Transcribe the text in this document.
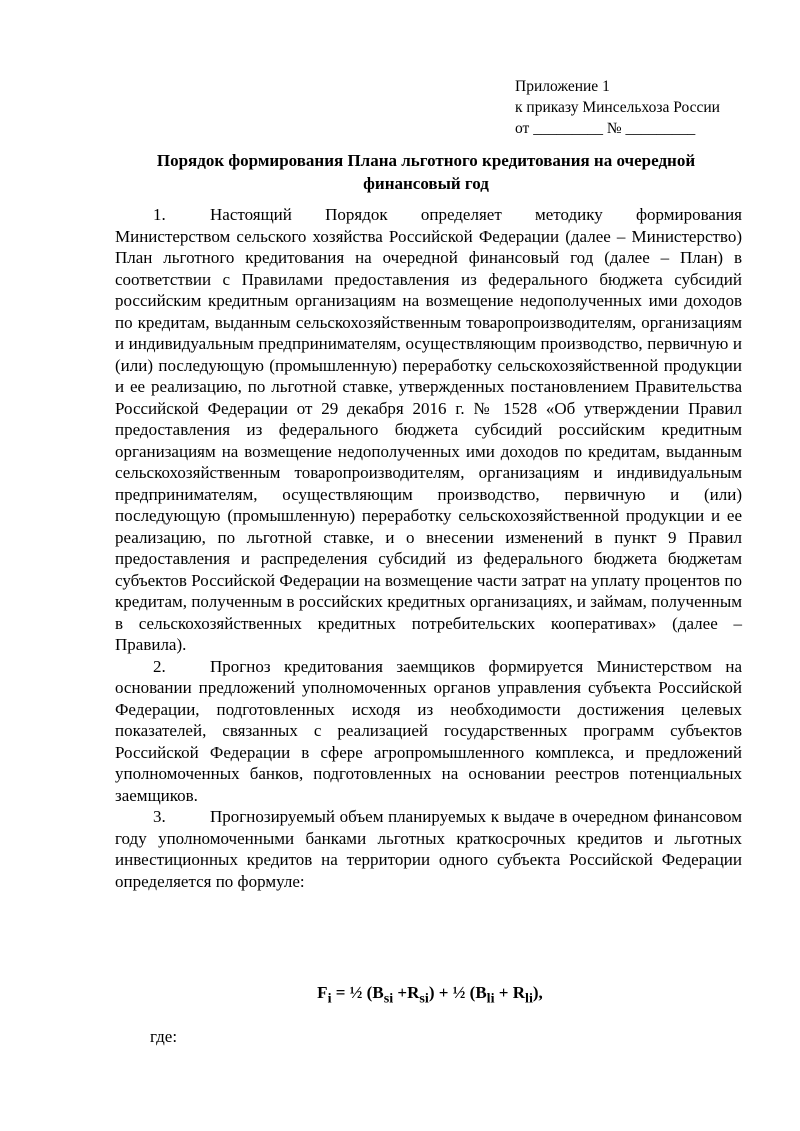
Приложение 1
к приказу Минсельхоза России
от _________ № _________
Порядок формирования Плана льготного кредитования на очередной финансовый год

1.	Настоящий Порядок определяет методику формирования Министерством сельского хозяйства Российской Федерации (далее – Министерство) План льготного кредитования на очередной финансовый год (далее – План) в соответствии с Правилами предоставления из федерального бюджета субсидий российским кредитным организациям на возмещение недополученных ими доходов по кредитам, выданным сельскохозяйственным товаропроизводителям, организациям и индивидуальным предпринимателям, осуществляющим производство, первичную и (или) последующую (промышленную) переработку сельскохозяйственной продукции и ее реализацию, по льготной ставке, утвержденных постановлением Правительства Российской Федерации от 29 декабря 2016 г. № 1528 «Об утверждении Правил предоставления из федерального бюджета субсидий российским кредитным организациям на возмещение недополученных ими доходов по кредитам, выданным сельскохозяйственным товаропроизводителям, организациям и индивидуальным предпринимателям, осуществляющим производство, первичную и (или) последующую (промышленную) переработку сельскохозяйственной продукции и ее реализацию, по льготной ставке, и о внесении изменений в пункт 9 Правил предоставления и распределения субсидий из федерального бюджета бюджетам субъектов Российской Федерации на возмещение части затрат на уплату процентов по кредитам, полученным в российских кредитных организациях, и займам, полученным в сельскохозяйственных кредитных потребительских кооперативах» (далее – Правила).

2.	Прогноз кредитования заемщиков формируется Министерством на основании предложений уполномоченных органов управления субъекта Российской Федерации, подготовленных исходя из необходимости достижения целевых показателей, связанных с реализацией государственных программ субъектов Российской Федерации в сфере агропромышленного комплекса, и предложений уполномоченных банков, подготовленных на основании реестров потенциальных заемщиков.

3.	Прогнозируемый объем планируемых к выдаче в очередном финансовом году уполномоченными банками льготных краткосрочных кредитов и льготных инвестиционных кредитов на территории одного субъекта Российской Федерации определяется по формуле:

$F_i$ = ½ $(B_{si} +R_{si})$ + ½ $(B_{li} + R_{li})$,
где:
